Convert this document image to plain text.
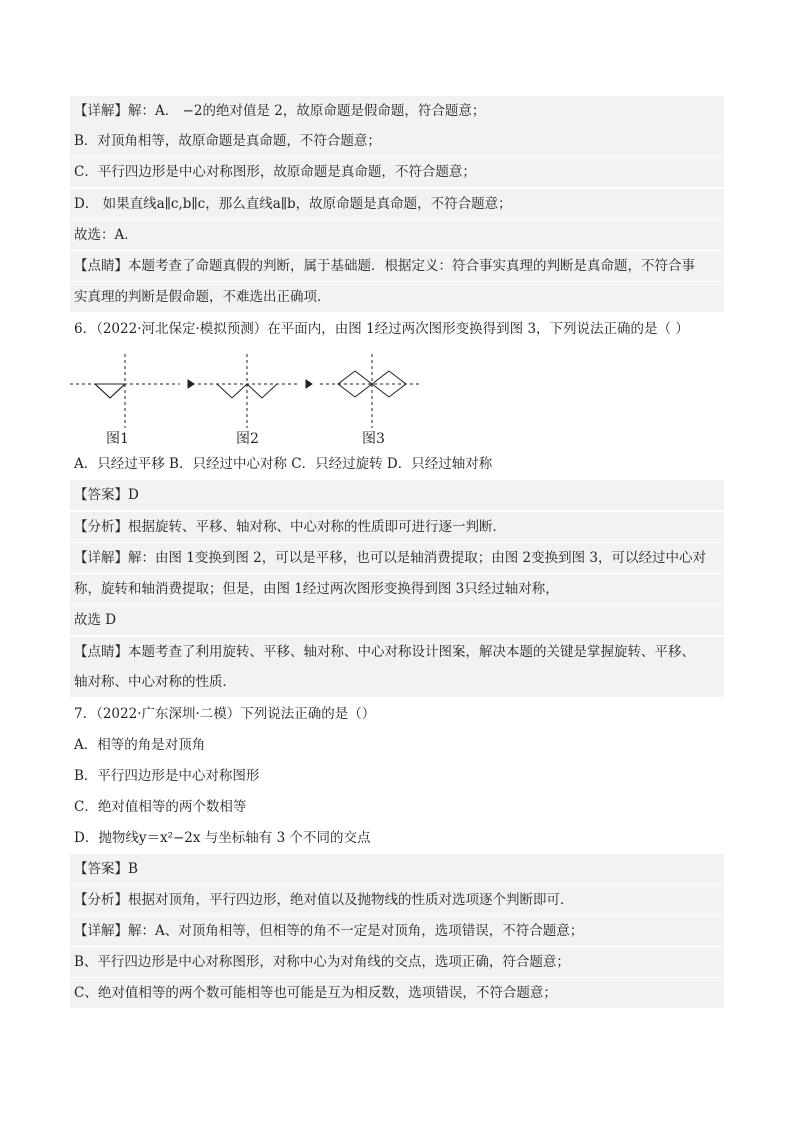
【详解】解：A． −2的绝对值是 2，故原命题是假命题，符合题意；
B．对顶角相等，故原命题是真命题，不符合题意；
C．平行四边形是中心对称图形，故原命题是真命题，不符合题意；
D． 如果直线a∥c,b∥c，那么直线a∥b，故原命题是真命题，不符合题意；
故选：A．
【点睛】本题考查了命题真假的判断，属于基础题．根据定义：符合事实真理的判断是真命题，不符合事
实真理的判断是假命题，不难选出正确项．
6．（2022·河北保定·模拟预测）在平面内，由图 1经过两次图形变换得到图 3，下列说法正确的是（ ）
图1	图2	图3
A．只经过平移 B．只经过中心对称 C．只经过旋转 D．只经过轴对称
【答案】D
【分析】根据旋转、平移、轴对称、中心对称的性质即可进行逐一判断．
【详解】解：由图 1变换到图 2，可以是平移，也可以是轴消费提取；由图 2变换到图 3，可以经过中心对
称，旋转和轴消费提取；但是，由图 1经过两次图形变换得到图 3只经过轴对称，
故选 D
【点睛】本题考查了利用旋转、平移、轴对称、中心对称设计图案，解决本题的关键是掌握旋转、平移、
轴对称、中心对称的性质．
7．（2022·广东深圳·二模）下列说法正确的是（）
A．相等的角是对顶角
B．平行四边形是中心对称图形
C．绝对值相等的两个数相等
D．抛物线y＝x²−2x 与坐标轴有 3 个不同的交点
【答案】B
【分析】根据对顶角，平行四边形，绝对值以及抛物线的性质对选项逐个判断即可．
【详解】解：A、对顶角相等，但相等的角不一定是对顶角，选项错误，不符合题意；
B、平行四边形是中心对称图形，对称中心为对角线的交点，选项正确，符合题意；
C、绝对值相等的两个数可能相等也可能是互为相反数，选项错误，不符合题意；
